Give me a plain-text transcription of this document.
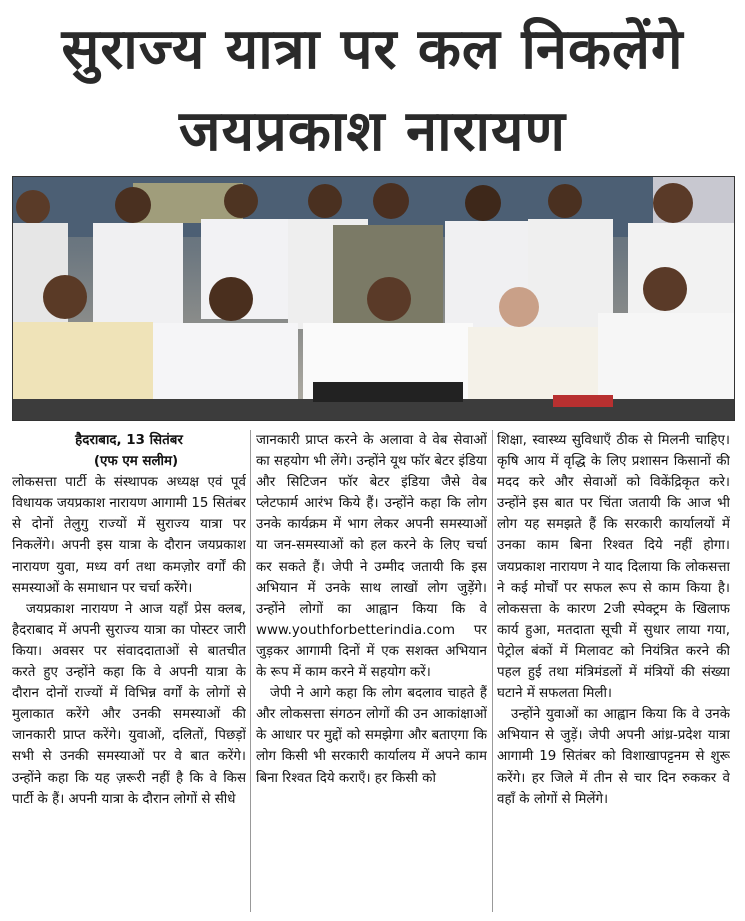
सुराज्य यात्रा पर कल निकलेंगे
जयप्रकाश नारायण

हैदराबाद, 13 सितंबर

(एफ एम सलीम)

लोकसत्ता पार्टी के संस्थापक अध्यक्ष एवं पूर्व विधायक जयप्रकाश नारायण आगामी 15 सितंबर से दोनों तेलुगु राज्यों में सुराज्य यात्रा पर निकलेंगे। अपनी इस यात्रा के दौरान जयप्रकाश नारायण युवा, मध्य वर्ग तथा कमज़ोर वर्गों की समस्याओं के समाधान पर चर्चा करेंगे।

जयप्रकाश नारायण ने आज यहाँ प्रेस क्लब, हैदराबाद में अपनी सुराज्य यात्रा का पोस्टर जारी किया। अवसर पर संवाददाताओं से बातचीत करते हुए उन्होंने कहा कि वे अपनी यात्रा के दौरान दोनों राज्यों में विभिन्न वर्गों के लोगों से मुलाकात करेंगे और उनकी समस्याओं की जानकारी प्राप्त करेंगे। युवाओं, दलितों, पिछड़ों सभी से उनकी समस्याओं पर वे बात करेंगे। उन्होंने कहा कि यह ज़रूरी नहीं है कि वे किस पार्टी के हैं। अपनी यात्रा के दौरान लोगों से सीधे

जानकारी प्राप्त करने के अलावा वे वेब सेवाओं का सहयोग भी लेंगे। उन्होंने यूथ फॉर बेटर इंडिया और सिटिजन फॉर बेटर इंडिया जैसे वेब प्लेटफार्म आरंभ किये हैं। उन्होंने कहा कि लोग उनके कार्यक्रम में भाग लेकर अपनी समस्याओं या जन-समस्याओं को हल करने के लिए चर्चा कर सकते हैं। जेपी ने उम्मीद जतायी कि इस अभियान में उनके साथ लाखों लोग जुड़ेंगे। उन्होंने लोगों का आह्वान किया कि वे www.youthforbetterindia.com पर जुड़कर आगामी दिनों में एक सशक्त अभियान के रूप में काम करने में सहयोग करें।

जेपी ने आगे कहा कि लोग बदलाव चाहते हैं और लोकसत्ता संगठन लोगों की उन आकांक्षाओं के आधार पर मुद्दों को समझेगा और बताएगा कि लोग किसी भी सरकारी कार्यालय में अपने काम बिना रिश्वत दिये कराएँ। हर किसी को

शिक्षा, स्वास्थ्य सुविधाएँ ठीक से मिलनी चाहिए। कृषि आय में वृद्धि के लिए प्रशासन किसानों की मदद करे और सेवाओं को विकेंद्रिकृत करे। उन्होंने इस बात पर चिंता जतायी कि आज भी लोग यह समझते हैं कि सरकारी कार्यालयों में उनका काम बिना रिश्वत दिये नहीं होगा। जयप्रकाश नारायण ने याद दिलाया कि लोकसत्ता ने कई मोर्चों पर सफल रूप से काम किया है। लोकसत्ता के कारण 2जी स्पेक्ट्रम के खिलाफ कार्य हुआ, मतदाता सूची में सुधार लाया गया, पेट्रोल बंकों में मिलावट को नियंत्रित करने की पहल हुई तथा मंत्रिमंडलों में मंत्रियों की संख्या घटाने में सफलता मिली।

उन्होंने युवाओं का आह्वान किया कि वे उनके अभियान से जुड़ें। जेपी अपनी आंध्र-प्रदेश यात्रा आगामी 19 सितंबर को विशाखापट्टनम से शुरू करेंगे। हर जिले में तीन से चार दिन रुककर वे वहाँ के लोगों से मिलेंगे।
